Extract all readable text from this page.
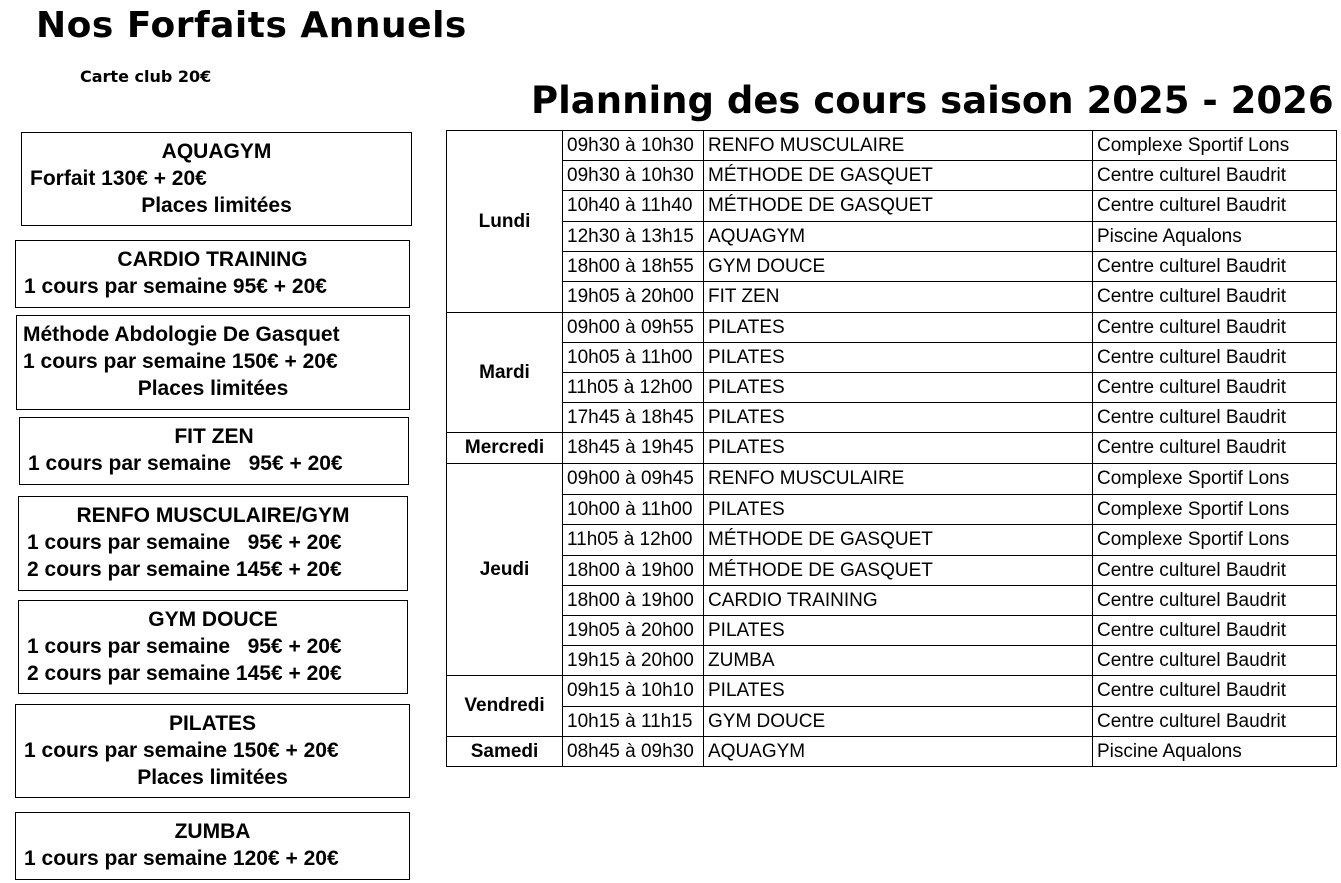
Nos Forfaits Annuels
Carte club 20€
Planning des cours saison 2025 - 2026
AQUAGYM
Forfait 130€ + 20€
Places limitées
CARDIO TRAINING
1 cours par semaine 95€ + 20€
Méthode Abdologie De Gasquet
1 cours par semaine 150€ + 20€
Places limitées
FIT ZEN
1 cours par semaine   95€ + 20€
RENFO MUSCULAIRE/GYM
1 cours par semaine   95€ + 20€
2 cours par semaine 145€ + 20€
GYM DOUCE
1 cours par semaine   95€ + 20€
2 cours par semaine 145€ + 20€
PILATES
1 cours par semaine 150€ + 20€
Places limitées
ZUMBA
1 cours par semaine 120€ + 20€
Lundi	09h30 à 10h30	RENFO MUSCULAIRE	Complexe Sportif Lons
	09h30 à 10h30	MÉTHODE DE GASQUET	Centre culturel Baudrit
	10h40 à 11h40	MÉTHODE DE GASQUET	Centre culturel Baudrit
	12h30 à 13h15	AQUAGYM	Piscine Aqualons
	18h00 à 18h55	GYM DOUCE	Centre culturel Baudrit
	19h05 à 20h00	FIT ZEN	Centre culturel Baudrit
Mardi	09h00 à 09h55	PILATES	Centre culturel Baudrit
	10h05 à 11h00	PILATES	Centre culturel Baudrit
	11h05 à 12h00	PILATES	Centre culturel Baudrit
	17h45 à 18h45	PILATES	Centre culturel Baudrit
Mercredi	18h45 à 19h45	PILATES	Centre culturel Baudrit
Jeudi	09h00 à 09h45	RENFO MUSCULAIRE	Complexe Sportif Lons
	10h00 à 11h00	PILATES	Complexe Sportif Lons
	11h05 à 12h00	MÉTHODE DE GASQUET	Complexe Sportif Lons
	18h00 à 19h00	MÉTHODE DE GASQUET	Centre culturel Baudrit
	18h00 à 19h00	CARDIO TRAINING	Centre culturel Baudrit
	19h05 à 20h00	PILATES	Centre culturel Baudrit
	19h15 à 20h00	ZUMBA	Centre culturel Baudrit
Vendredi	09h15 à 10h10	PILATES	Centre culturel Baudrit
	10h15 à 11h15	GYM DOUCE	Centre culturel Baudrit
Samedi	08h45 à 09h30	AQUAGYM	Piscine Aqualons
